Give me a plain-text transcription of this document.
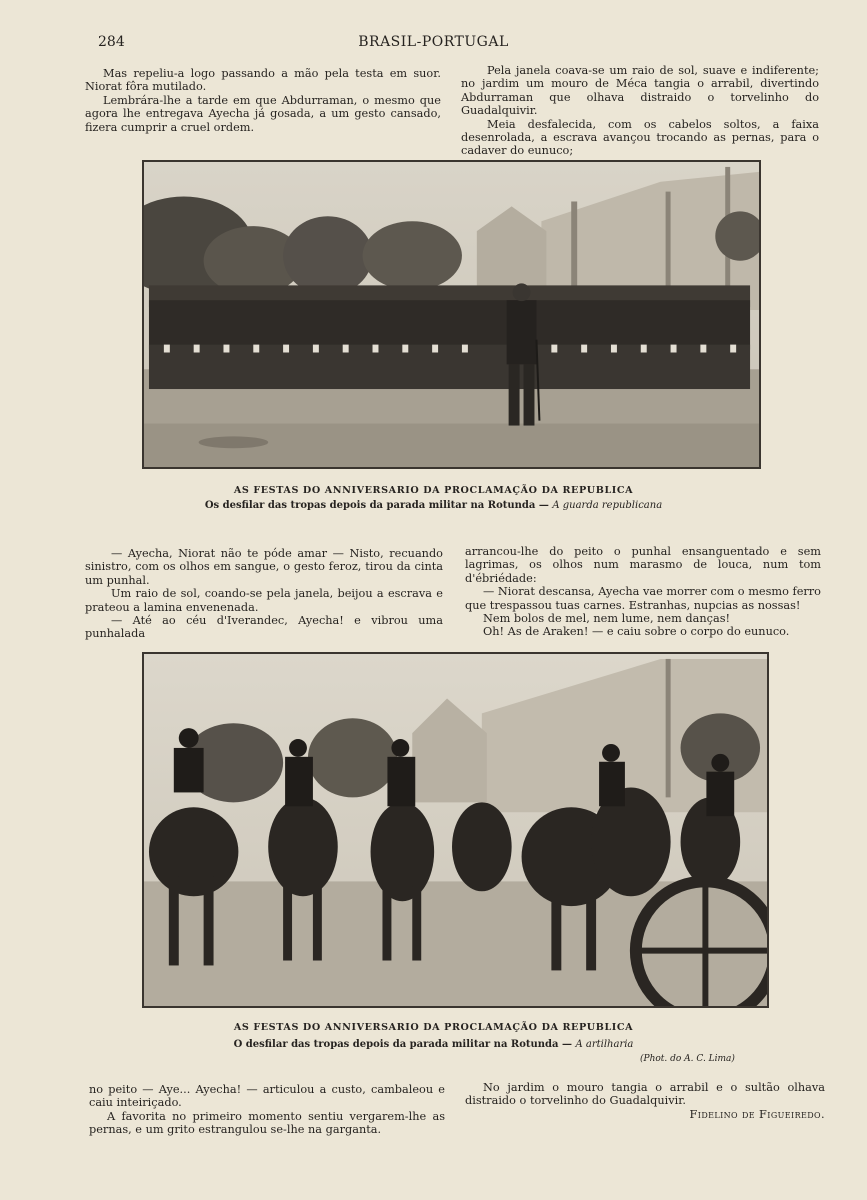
284	BRASIL-PORTUGAL

Mas repeliu-a logo passando a mão pela testa em suor. Niorat fôra mutilado.

Lembrára-lhe a tarde em que Abdurraman, o mesmo que agora lhe entregava Ayecha já gosada, a um gesto cansado, fizera cumprir a cruel ordem.

Pela janela coava-se um raio de sol, suave e indiferente; no jardim um mouro de Méca tangia o arrabil, divertindo Abdurraman que olhava distraido o torvelinho do Guadalquivir.

Meia desfalecida, com os cabelos soltos, a faixa desenrolada, a escrava avançou trocando as pernas, para o cadaver do eunuco;

AS FESTAS DO ANNIVERSARIO DA PROCLAMAÇÃO DA REPUBLICA
Os desfilar das tropas depois da parada militar na Rotunda — A guarda republicana

— Ayecha, Niorat não te póde amar — Nisto, recuando sinistro, com os olhos em sangue, o gesto feroz, tirou da cinta um punhal.

Um raio de sol, coando-se pela janela, beijou a escrava e prateou a lamina envenenada.

— Até ao céu d'Iverandec, Ayecha! e vibrou uma punhalada

arrancou-lhe do peito o punhal ensanguentado e sem lagrimas, os olhos num marasmo de louca, num tom d'ébriédade:

— Niorat descansa, Ayecha vae morrer com o mesmo ferro que trespassou tuas carnes. Estranhas, nupcias as nossas!

Nem bolos de mel, nem lume, nem danças!

Oh! As de Araken! — e caiu sobre o corpo do eunuco.

AS FESTAS DO ANNIVERSARIO DA PROCLAMAÇÃO DA REPUBLICA
O desfilar das tropas depois da parada militar na Rotunda — A artilharia
(Phot. do A. C. Lima)

no peito — Aye... Ayecha! — articulou a custo, cambaleou e caiu inteiriçado.

A favorita no primeiro momento sentiu vergarem-lhe as pernas, e um grito estrangulou se-lhe na garganta.

No jardim o mouro tangia o arrabil e o sultão olhava distraido o torvelinho do Guadalquivir.

Fidelino de Figueiredo.
